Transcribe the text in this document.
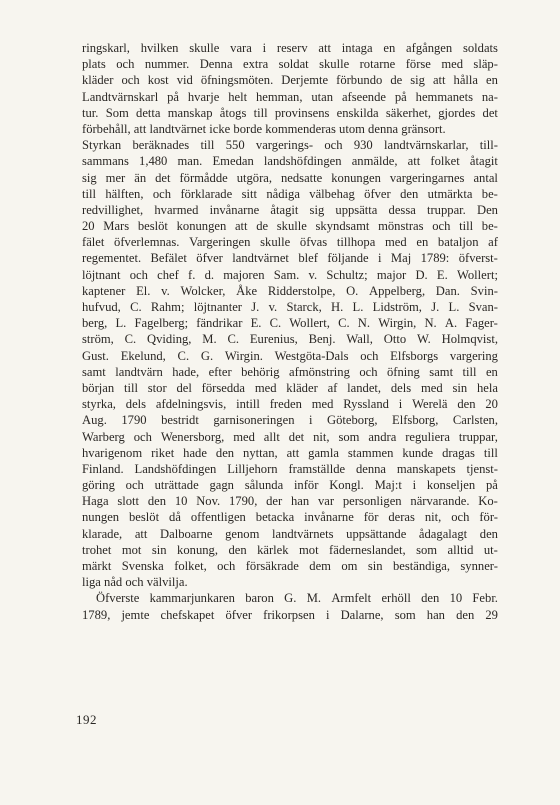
ringskarl, hvilken skulle vara i reserv att intaga en afgången soldats
plats och nummer. Denna extra soldat skulle rotarne förse med släp-
kläder och kost vid öfningsmöten. Derjemte förbundo de sig att hålla en
Landtvärnskarl på hvarje helt hemman, utan afseende på hemmanets na-
tur. Som detta manskap åtogs till provinsens enskilda säkerhet, gjordes det
förbehåll, att landtvärnet icke borde kommenderas utom denna gränsort.
Styrkan beräknades till 550 vargerings- och 930 landtvärnskarlar, till-
sammans 1,480 man. Emedan landshöfdingen anmälde, att folket åtagit
sig mer än det förmådde utgöra, nedsatte konungen vargeringarnes antal
till hälften, och förklarade sitt nådiga välbehag öfver den utmärkta be-
redvillighet, hvarmed invånarne åtagit sig uppsätta dessa truppar. Den
20 Mars beslöt konungen att de skulle skyndsamt mönstras och till be-
fälet öfverlemnas. Vargeringen skulle öfvas tillhopa med en bataljon af
regementet. Befälet öfver landtvärnet blef följande i Maj 1789: öfverst-
löjtnant och chef f. d. majoren Sam. v. Schultz; major D. E. Wollert;
kaptener El. v. Wolcker, Åke Ridderstolpe, O. Appelberg, Dan. Svin-
hufvud, C. Rahm; löjtnanter J. v. Starck, H. L. Lidström, J. L. Svan-
berg, L. Fagelberg; fändrikar E. C. Wollert, C. N. Wirgin, N. A. Fager-
ström, C. Qviding, M. C. Eurenius, Benj. Wall, Otto W. Holmqvist,
Gust. Ekelund, C. G. Wirgin. Westgöta-Dals och Elfsborgs vargering
samt landtvärn hade, efter behörig afmönstring och öfning samt till en
början till stor del försedda med kläder af landet, dels med sin hela
styrka, dels afdelningsvis, intill freden med Ryssland i Werelä den 20
Aug. 1790 bestridt garnisoneringen i Göteborg, Elfsborg, Carlsten,
Warberg och Wenersborg, med allt det nit, som andra reguliera truppar,
hvarigenom riket hade den nyttan, att gamla stammen kunde dragas till
Finland. Landshöfdingen Lilljehorn framställde denna manskapets tjenst-
göring och uträttade gagn sålunda inför Kongl. Maj:t i konseljen på
Haga slott den 10 Nov. 1790, der han var personligen närvarande. Ko-
nungen beslöt då offentligen betacka invånarne för deras nit, och för-
klarade, att Dalboarne genom landtvärnets uppsättande ådagalagt den
trohet mot sin konung, den kärlek mot fäderneslandet, som alltid ut-
märkt Svenska folket, och försäkrade dem om sin beständiga, synner-
liga nåd och välvilja.
Öfverste kammarjunkaren baron G. M. Armfelt erhöll den 10 Febr.
1789, jemte chefskapet öfver frikorpsen i Dalarne, som han den 29
192
